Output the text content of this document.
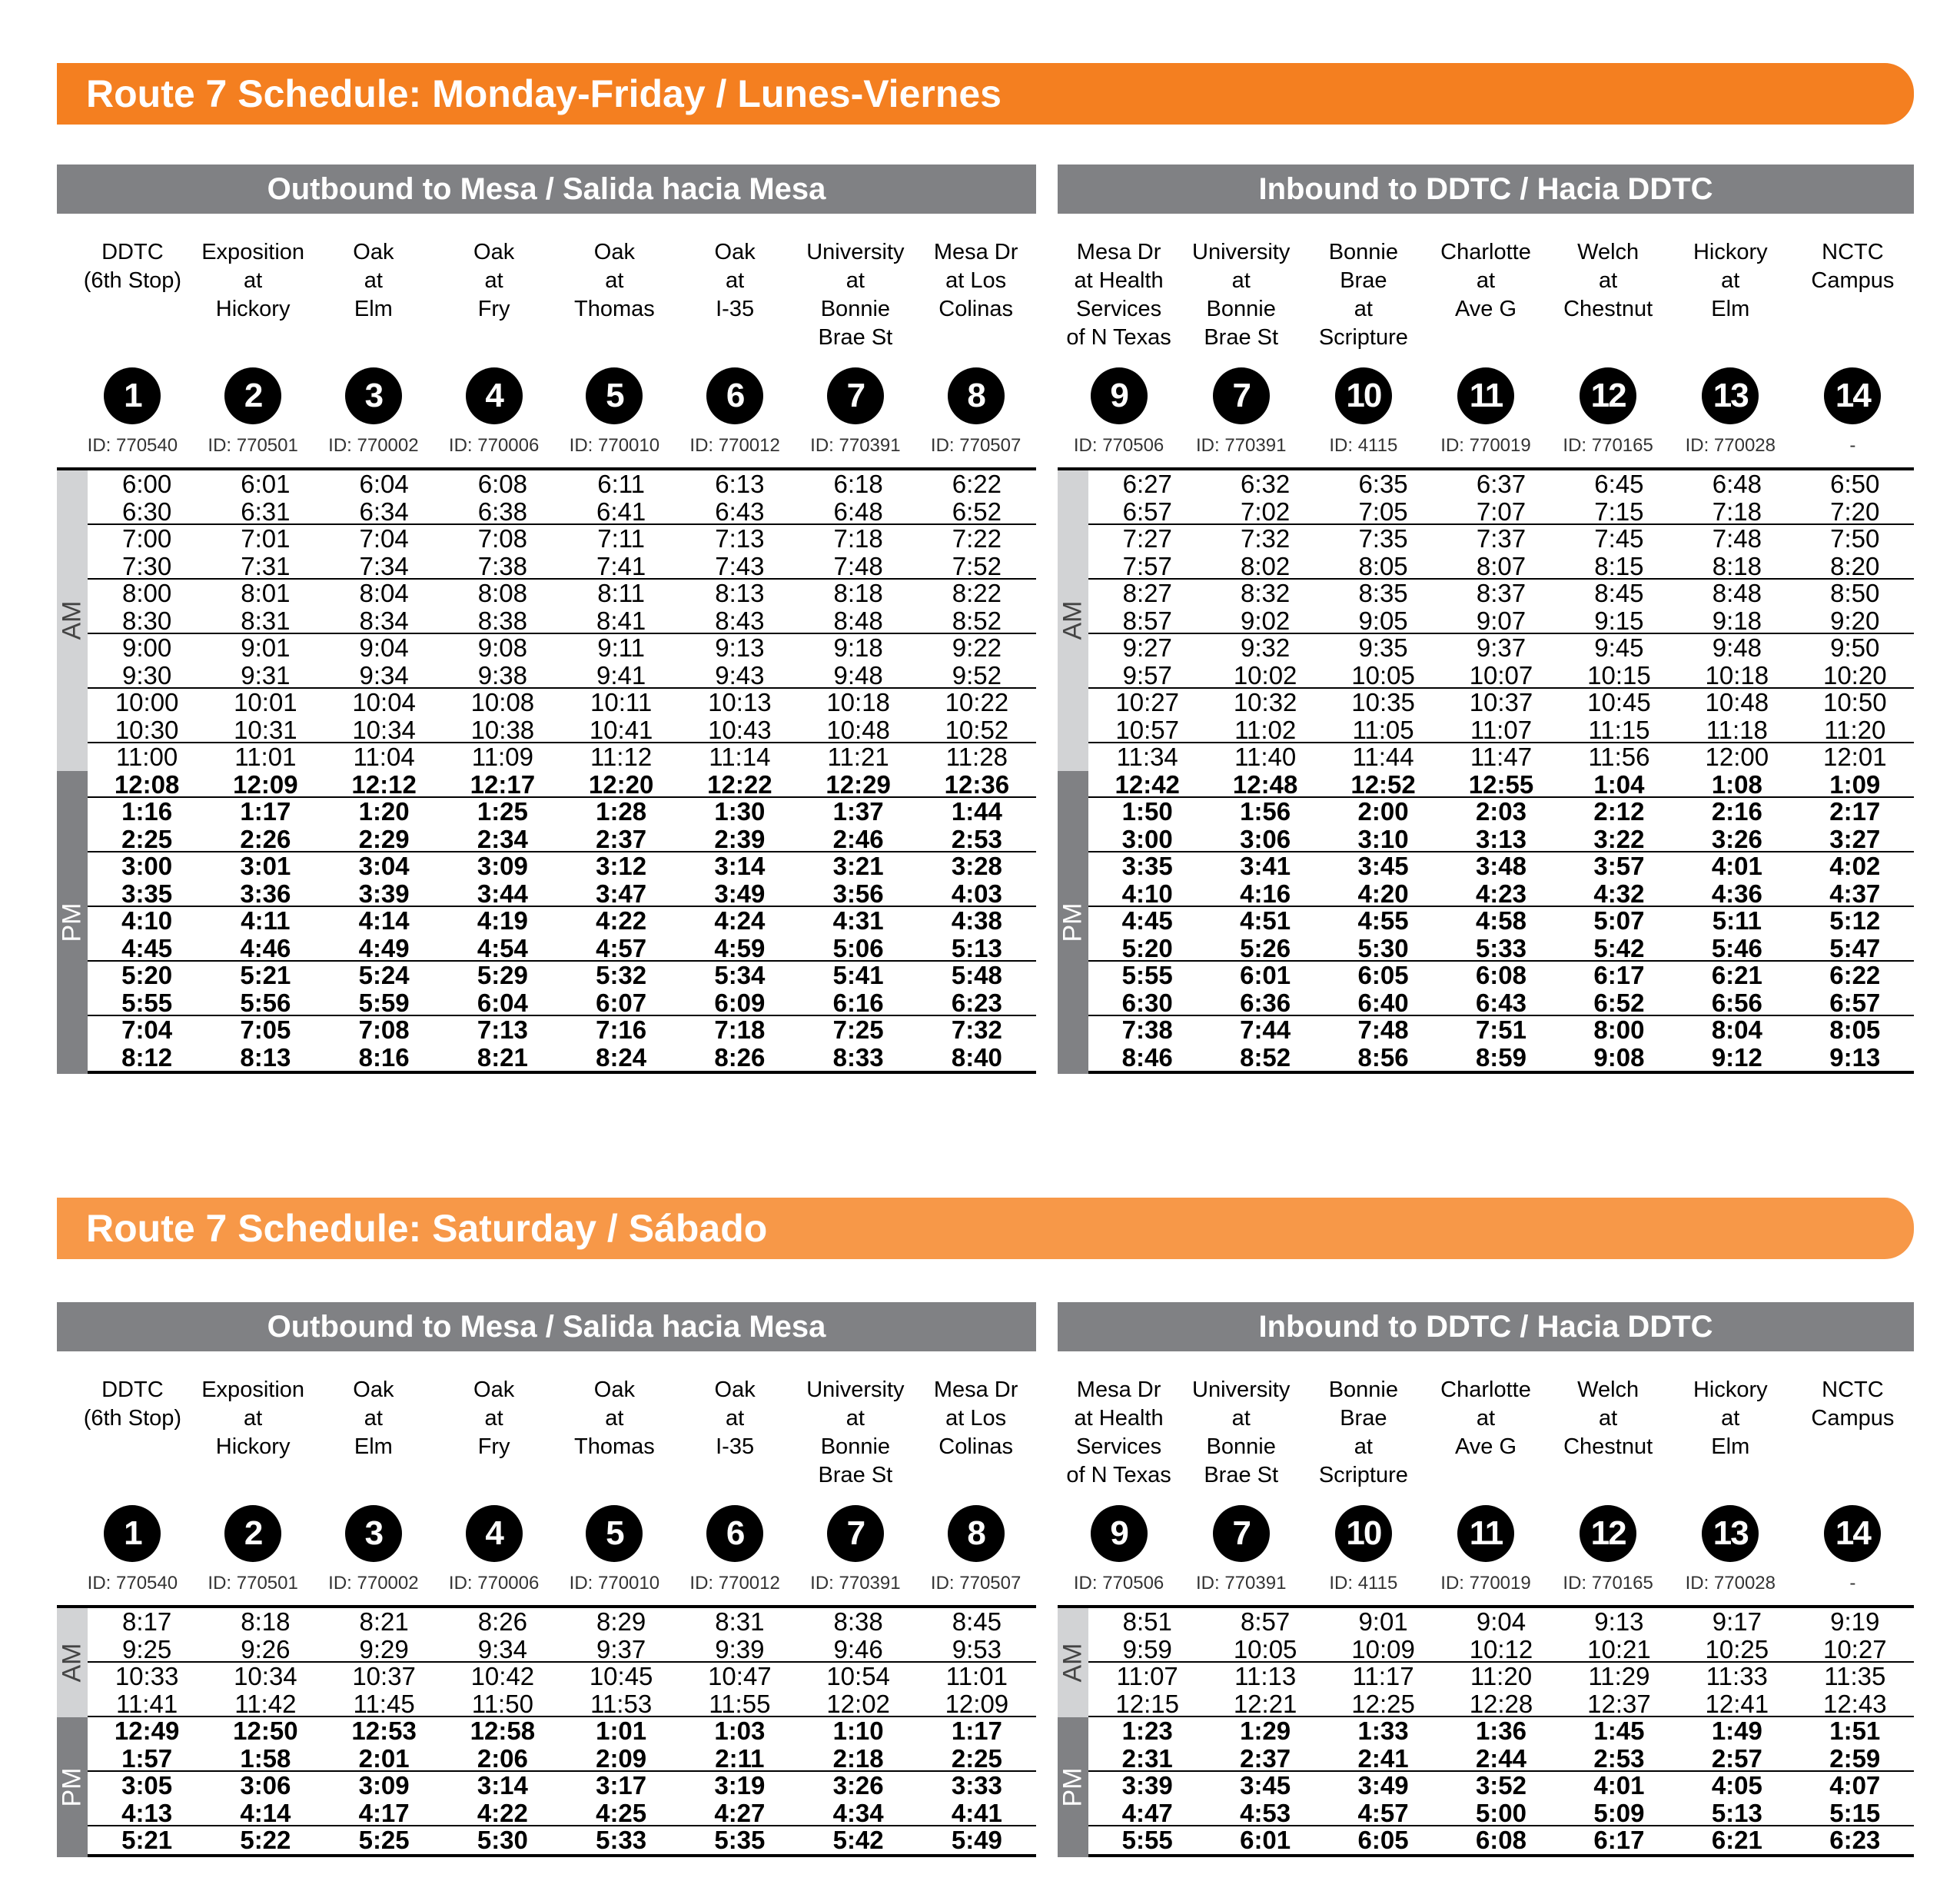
Route 7 Schedule: Monday-Friday / Lunes-Viernes
Outbound to Mesa / Salida hacia Mesa
DDTC
(6th Stop)
1
ID: 770540
Exposition
at
Hickory
2
ID: 770501
Oak
at
Elm
3
ID: 770002
Oak
at
Fry
4
ID: 770006
Oak
at
Thomas
5
ID: 770010
Oak
at
I-35
6
ID: 770012
University
at
Bonnie
Brae St
7
ID: 770391
Mesa Dr
at Los
Colinas
8
ID: 770507
AM
PM
6:00	6:01	6:04	6:08	6:11	6:13	6:18	6:22
6:30	6:31	6:34	6:38	6:41	6:43	6:48	6:52
7:00	7:01	7:04	7:08	7:11	7:13	7:18	7:22
7:30	7:31	7:34	7:38	7:41	7:43	7:48	7:52
8:00	8:01	8:04	8:08	8:11	8:13	8:18	8:22
8:30	8:31	8:34	8:38	8:41	8:43	8:48	8:52
9:00	9:01	9:04	9:08	9:11	9:13	9:18	9:22
9:30	9:31	9:34	9:38	9:41	9:43	9:48	9:52
10:00	10:01	10:04	10:08	10:11	10:13	10:18	10:22
10:30	10:31	10:34	10:38	10:41	10:43	10:48	10:52
11:00	11:01	11:04	11:09	11:12	11:14	11:21	11:28
12:08	12:09	12:12	12:17	12:20	12:22	12:29	12:36
1:16	1:17	1:20	1:25	1:28	1:30	1:37	1:44
2:25	2:26	2:29	2:34	2:37	2:39	2:46	2:53
3:00	3:01	3:04	3:09	3:12	3:14	3:21	3:28
3:35	3:36	3:39	3:44	3:47	3:49	3:56	4:03
4:10	4:11	4:14	4:19	4:22	4:24	4:31	4:38
4:45	4:46	4:49	4:54	4:57	4:59	5:06	5:13
5:20	5:21	5:24	5:29	5:32	5:34	5:41	5:48
5:55	5:56	5:59	6:04	6:07	6:09	6:16	6:23
7:04	7:05	7:08	7:13	7:16	7:18	7:25	7:32
8:12	8:13	8:16	8:21	8:24	8:26	8:33	8:40
Inbound to DDTC / Hacia DDTC
Mesa Dr
at Health
Services
of N Texas
9
ID: 770506
University
at
Bonnie
Brae St
7
ID: 770391
Bonnie
Brae
at
Scripture
10
ID: 4115
Charlotte
at
Ave G
11
ID: 770019
Welch
at
Chestnut
12
ID: 770165
Hickory
at
Elm
13
ID: 770028
NCTC
Campus
14
-
AM
PM
6:27	6:32	6:35	6:37	6:45	6:48	6:50
6:57	7:02	7:05	7:07	7:15	7:18	7:20
7:27	7:32	7:35	7:37	7:45	7:48	7:50
7:57	8:02	8:05	8:07	8:15	8:18	8:20
8:27	8:32	8:35	8:37	8:45	8:48	8:50
8:57	9:02	9:05	9:07	9:15	9:18	9:20
9:27	9:32	9:35	9:37	9:45	9:48	9:50
9:57	10:02	10:05	10:07	10:15	10:18	10:20
10:27	10:32	10:35	10:37	10:45	10:48	10:50
10:57	11:02	11:05	11:07	11:15	11:18	11:20
11:34	11:40	11:44	11:47	11:56	12:00	12:01
12:42	12:48	12:52	12:55	1:04	1:08	1:09
1:50	1:56	2:00	2:03	2:12	2:16	2:17
3:00	3:06	3:10	3:13	3:22	3:26	3:27
3:35	3:41	3:45	3:48	3:57	4:01	4:02
4:10	4:16	4:20	4:23	4:32	4:36	4:37
4:45	4:51	4:55	4:58	5:07	5:11	5:12
5:20	5:26	5:30	5:33	5:42	5:46	5:47
5:55	6:01	6:05	6:08	6:17	6:21	6:22
6:30	6:36	6:40	6:43	6:52	6:56	6:57
7:38	7:44	7:48	7:51	8:00	8:04	8:05
8:46	8:52	8:56	8:59	9:08	9:12	9:13
Route 7 Schedule: Saturday / Sábado
Outbound to Mesa / Salida hacia Mesa
DDTC
(6th Stop)
1
ID: 770540
Exposition
at
Hickory
2
ID: 770501
Oak
at
Elm
3
ID: 770002
Oak
at
Fry
4
ID: 770006
Oak
at
Thomas
5
ID: 770010
Oak
at
I-35
6
ID: 770012
University
at
Bonnie
Brae St
7
ID: 770391
Mesa Dr
at Los
Colinas
8
ID: 770507
AM
PM
8:17	8:18	8:21	8:26	8:29	8:31	8:38	8:45
9:25	9:26	9:29	9:34	9:37	9:39	9:46	9:53
10:33	10:34	10:37	10:42	10:45	10:47	10:54	11:01
11:41	11:42	11:45	11:50	11:53	11:55	12:02	12:09
12:49	12:50	12:53	12:58	1:01	1:03	1:10	1:17
1:57	1:58	2:01	2:06	2:09	2:11	2:18	2:25
3:05	3:06	3:09	3:14	3:17	3:19	3:26	3:33
4:13	4:14	4:17	4:22	4:25	4:27	4:34	4:41
5:21	5:22	5:25	5:30	5:33	5:35	5:42	5:49
Inbound to DDTC / Hacia DDTC
Mesa Dr
at Health
Services
of N Texas
9
ID: 770506
University
at
Bonnie
Brae St
7
ID: 770391
Bonnie
Brae
at
Scripture
10
ID: 4115
Charlotte
at
Ave G
11
ID: 770019
Welch
at
Chestnut
12
ID: 770165
Hickory
at
Elm
13
ID: 770028
NCTC
Campus
14
-
AM
PM
8:51	8:57	9:01	9:04	9:13	9:17	9:19
9:59	10:05	10:09	10:12	10:21	10:25	10:27
11:07	11:13	11:17	11:20	11:29	11:33	11:35
12:15	12:21	12:25	12:28	12:37	12:41	12:43
1:23	1:29	1:33	1:36	1:45	1:49	1:51
2:31	2:37	2:41	2:44	2:53	2:57	2:59
3:39	3:45	3:49	3:52	4:01	4:05	4:07
4:47	4:53	4:57	5:00	5:09	5:13	5:15
5:55	6:01	6:05	6:08	6:17	6:21	6:23
